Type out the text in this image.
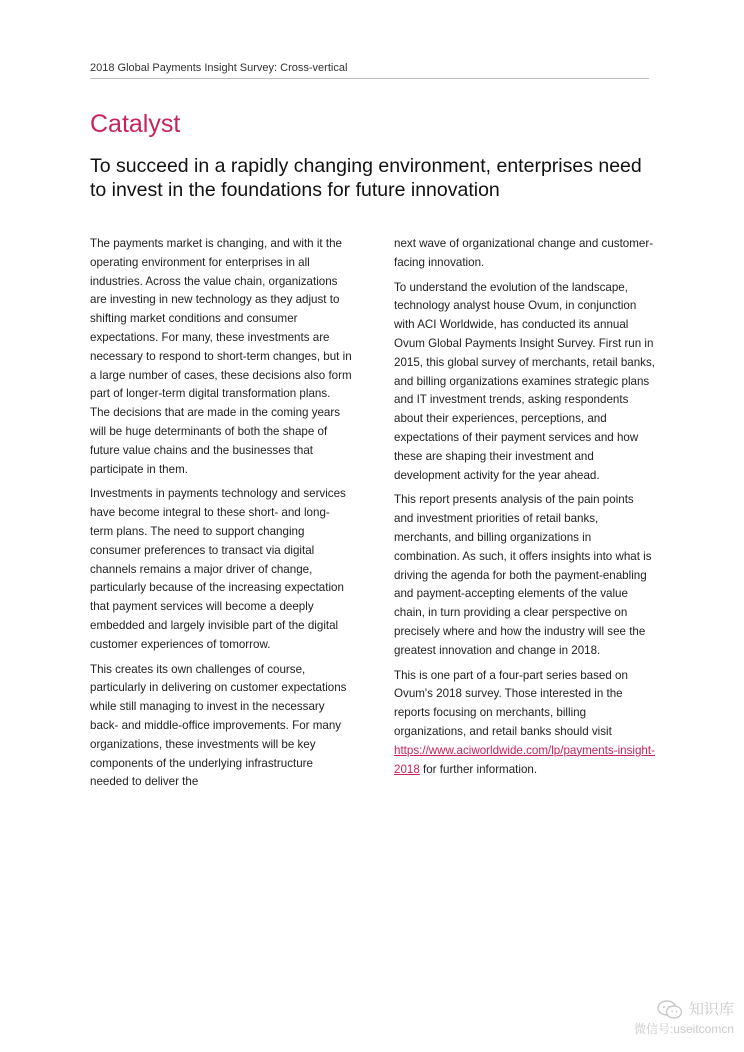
2018 Global Payments Insight Survey: Cross-vertical
Catalyst
To succeed in a rapidly changing environment, enterprises need to invest in the foundations for future innovation

The payments market is changing, and with it the operating environment for enterprises in all industries. Across the value chain, organizations are investing in new technology as they adjust to shifting market conditions and consumer expectations. For many, these investments are necessary to respond to short-term changes, but in a large number of cases, these decisions also form part of longer-term digital transformation plans. The decisions that are made in the coming years will be huge determinants of both the shape of future value chains and the businesses that participate in them.

Investments in payments technology and services have become integral to these short- and long-term plans. The need to support changing consumer preferences to transact via digital channels remains a major driver of change, particularly because of the increasing expectation that payment services will become a deeply embedded and largely invisible part of the digital customer experiences of tomorrow.

This creates its own challenges of course, particularly in delivering on customer expectations while still managing to invest in the necessary back- and middle-office improvements. For many organizations, these investments will be key components of the underlying infrastructure needed to deliver the

next wave of organizational change and customer-facing innovation.

To understand the evolution of the landscape, technology analyst house Ovum, in conjunction with ACI Worldwide, has conducted its annual Ovum Global Payments Insight Survey. First run in 2015, this global survey of merchants, retail banks, and billing organizations examines strategic plans and IT investment trends, asking respondents about their experiences, perceptions, and expectations of their payment services and how these are shaping their investment and development activity for the year ahead.

This report presents analysis of the pain points and investment priorities of retail banks, merchants, and billing organizations in combination. As such, it offers insights into what is driving the agenda for both the payment-enabling and payment-accepting elements of the value chain, in turn providing a clear perspective on precisely where and how the industry will see the greatest innovation and change in 2018.

This is one part of a four-part series based on Ovum's 2018 survey. Those interested in the reports focusing on merchants, billing organizations, and retail banks should visit https://www.aciworldwide.com/lp/payments-insight-2018 for further information.

知识库
微信号:useitcomcn
